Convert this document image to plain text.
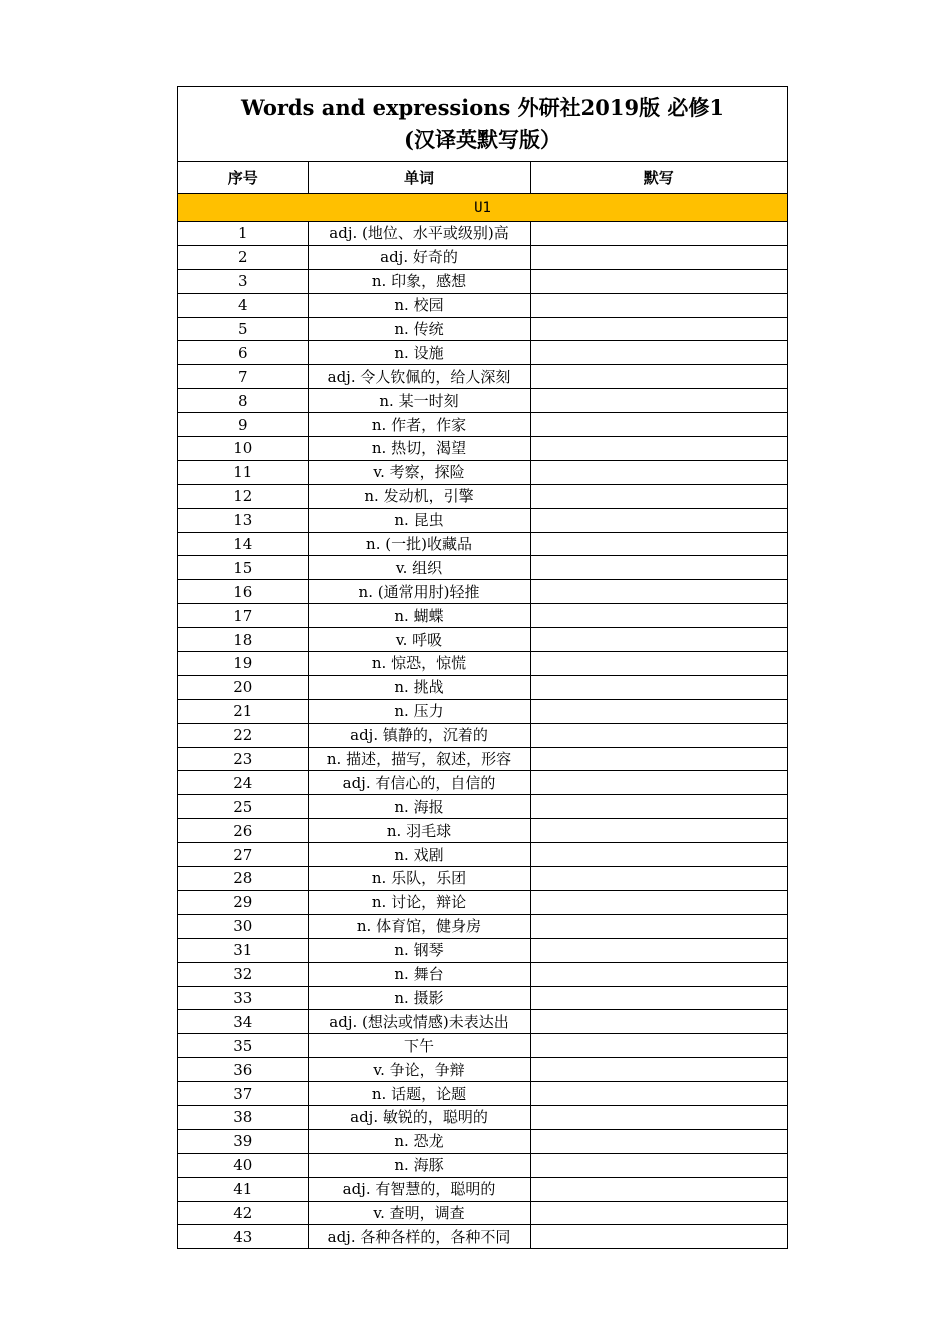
Words and expressions 外研社2019版 必修1
(汉译英默写版）
序号	单词	默写
U1		
1	adj. (地位、水平或级别)高	
2	adj. 好奇的	
3	n. 印象，感想	
4	n. 校园	
5	n. 传统	
6	n. 设施	
7	adj. 令人钦佩的，给人深刻	
8	n. 某一时刻	
9	n. 作者，作家	
10	n. 热切，渴望	
11	v. 考察，探险	
12	n. 发动机，引擎	
13	n. 昆虫	
14	n. (一批)收藏品	
15	v. 组织	
16	n. (通常用肘)轻推	
17	n. 蝴蝶	
18	v. 呼吸	
19	n. 惊恐，惊慌	
20	n. 挑战	
21	n. 压力	
22	adj. 镇静的，沉着的	
23	n. 描述，描写，叙述，形容	
24	adj. 有信心的，自信的	
25	n. 海报	
26	n. 羽毛球	
27	n. 戏剧	
28	n. 乐队，乐团	
29	n. 讨论，辩论	
30	n. 体育馆，健身房	
31	n. 钢琴	
32	n. 舞台	
33	n. 摄影	
34	adj. (想法或情感)未表达出	
35	下午	
36	v. 争论，争辩	
37	n. 话题，论题	
38	adj. 敏锐的，聪明的	
39	n. 恐龙	
40	n. 海豚	
41	adj. 有智慧的，聪明的	
42	v. 查明，调查	
43	adj. 各种各样的，各种不同	
